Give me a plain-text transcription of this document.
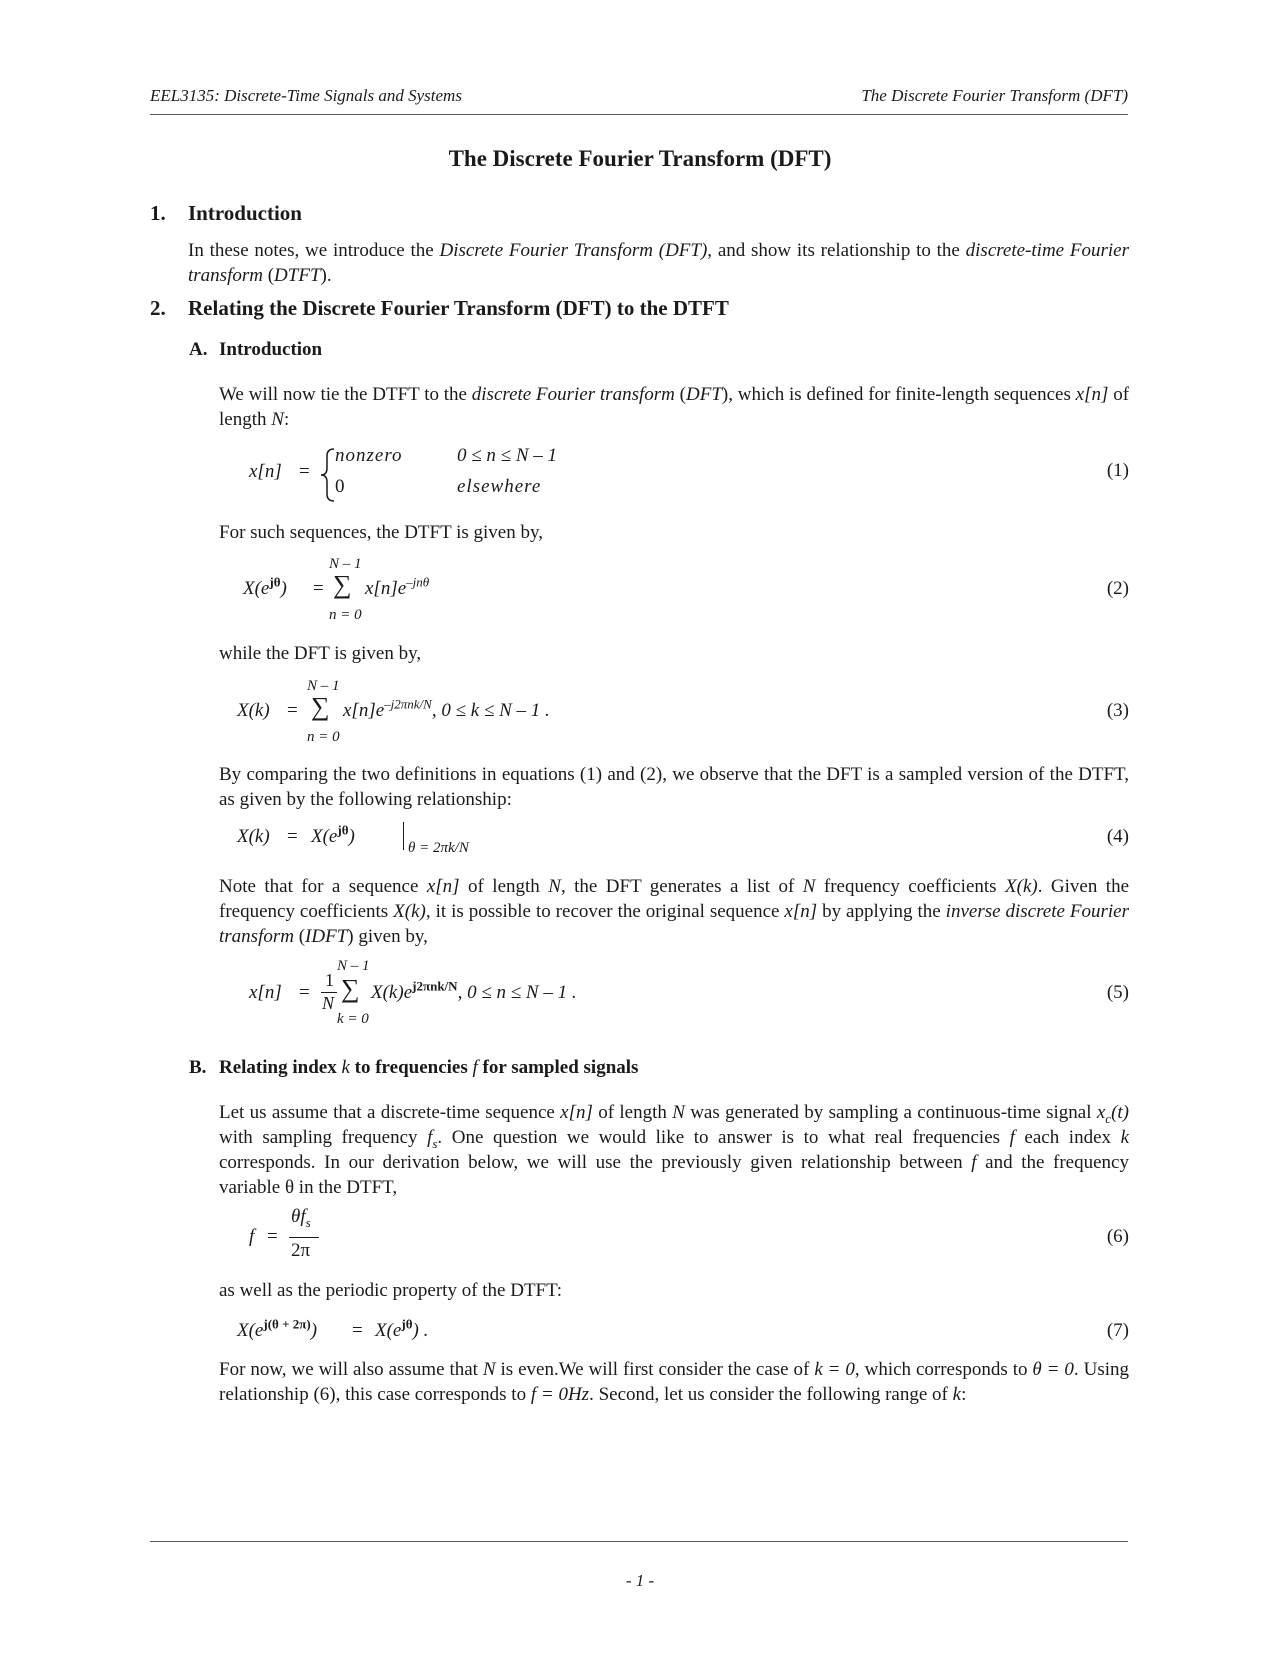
EEL3135: Discrete-Time Signals and Systems	The Discrete Fourier Transform (DFT)
The Discrete Fourier Transform (DFT)
1. Introduction
In these notes, we introduce the Discrete Fourier Transform (DFT), and show its relationship to the discrete-time Fourier transform (DTFT).
2. Relating the Discrete Fourier Transform (DFT) to the DTFT
A. Introduction
We will now tie the DTFT to the discrete Fourier transform (DFT), which is defined for finite-length sequences x[n] of length N:
x[n] =
nonzero	0 ≤ n ≤ N – 1
0	elsewhere
(1)
For such sequences, the DTFT is given by,
N – 1
$X(e^{j\theta})$ = ∑ $x[n]e^{-jn\theta}$
n = 0
(2)
while the DFT is given by,
N – 1
X(k) = ∑ $x[n]e^{-j2\pi nk/N}$, 0 ≤ k ≤ N – 1 .
n = 0
(3)
By comparing the two definitions in equations (1) and (2), we observe that the DFT is a sampled version of the DTFT, as given by the following relationship:
$X(k) = X(e^{j\theta})$
θ = 2πk/N
(4)
Note that for a sequence x[n] of length N, the DFT generates a list of N frequency coefficients X(k). Given the frequency coefficients X(k), it is possible to recover the original sequence x[n] by applying the inverse discrete Fourier transform (IDFT) given by,
N – 1
x[n] =
1
N ∑ $X(k)e^{j2\pi nk/N}$, 0 ≤ n ≤ N – 1 .
k = 0
(5)
B. Relating index k to frequencies f for sampled signals
Let us assume that a discrete-time sequence x[n] of length N was generated by sampling a continuous-time signal $x_c(t)$ with sampling frequency $f_s$. One question we would like to answer is to what real frequencies f each index k corresponds. In our derivation below, we will use the previously given relationship between f and the frequency variable θ in the DTFT,
f =
$\theta f_s$
2π
(6)
as well as the periodic property of the DTFT:
$X(e^{j(\theta + 2\pi)}) = X(e^{j\theta})$ .	(7)
For now, we will also assume that N is even.We will first consider the case of k = 0, which corresponds to θ = 0. Using relationship (6), this case corresponds to f = 0Hz. Second, let us consider the following range of k:
- 1 -
